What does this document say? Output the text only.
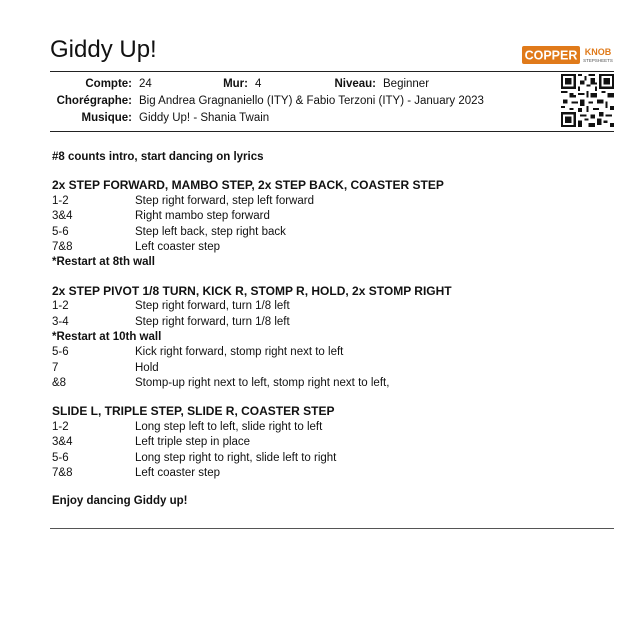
Giddy Up!	COPPER KNOB
STEPSHEETS
Compte: 24	Mur: 4	Niveau: Beginner
Chorégraphe: Big Andrea Gragnaniello (ITY) & Fabio Terzoni (ITY) - January 2023
Musique: Giddy Up! - Shania Twain
#8 counts intro, start dancing on lyrics
2x STEP FORWARD, MAMBO STEP, 2x STEP BACK, COASTER STEP
1-2	Step right forward, step left forward
3&4	Right mambo step forward
5-6	Step left back, step right back
7&8	Left coaster step
*Restart at 8th wall
2x STEP PIVOT 1/8 TURN, KICK R, STOMP R, HOLD, 2x STOMP RIGHT
1-2	Step right forward, turn 1/8 left
3-4	Step right forward, turn 1/8 left
*Restart at 10th wall
5-6	Kick right forward, stomp right next to left
7	Hold
&8	Stomp-up right next to left, stomp right next to left,
SLIDE L, TRIPLE STEP, SLIDE R, COASTER STEP
1-2	Long step left to left, slide right to left
3&4	Left triple step in place
5-6	Long step right to right, slide left to right
7&8	Left coaster step
Enjoy dancing Giddy up!
